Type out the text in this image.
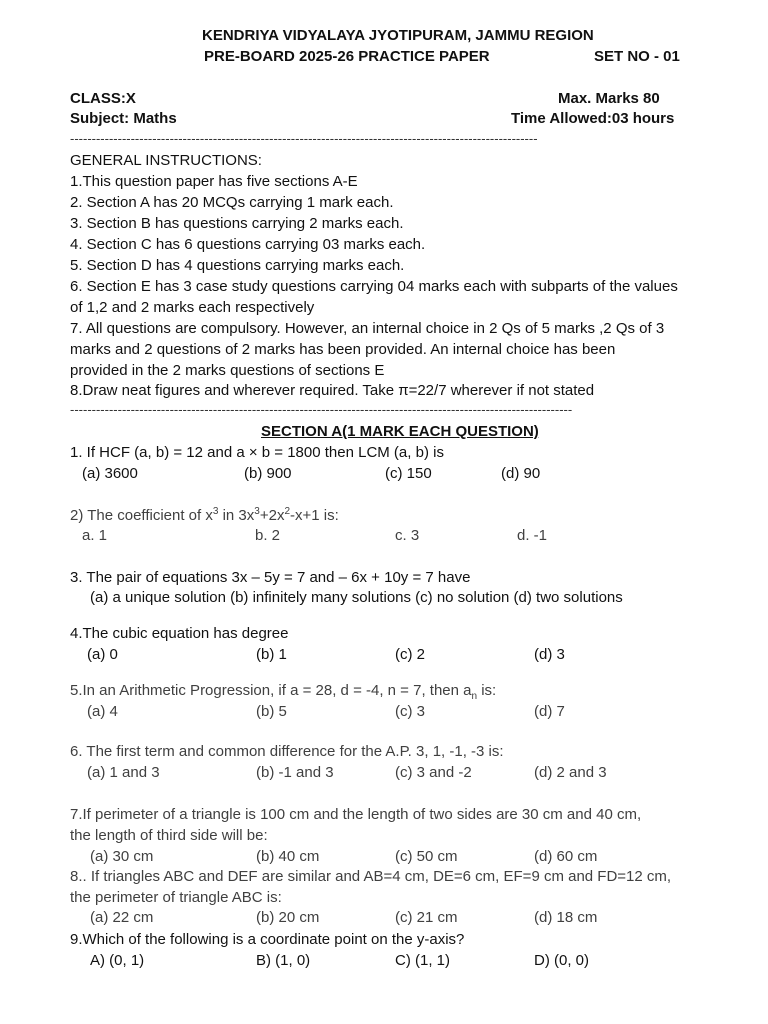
KENDRIYA VIDYALAYA JYOTIPURAM, JAMMU REGION
PRE-BOARD 2025-26 PRACTICE PAPER	SET NO - 01
CLASS:X	Max. Marks 80
Subject: Maths	Time Allowed:03 hours
------------------------------------------------------------------------------------------------------------
GENERAL INSTRUCTIONS:
1.This question paper has five sections A-E
2. Section A has 20 MCQs carrying 1 mark each.
3. Section B has questions carrying 2 marks each.
4. Section C has 6 questions carrying 03 marks each.
5. Section D has 4 questions carrying marks each.
6. Section E has 3 case study questions carrying 04 marks each with subparts of the values
of 1,2 and 2 marks each respectively
7. All questions are compulsory. However, an internal choice in 2 Qs of 5 marks ,2 Qs of 3
marks and 2 questions of 2 marks has been provided. An internal choice has been
provided in the 2 marks questions of sections E
8.Draw neat figures and wherever required. Take π=22/7 wherever if not stated
--------------------------------------------------------------------------------------------------------------------
SECTION A(1 MARK EACH QUESTION)
1. If HCF (a, b) = 12 and a × b = 1800 then LCM (a, b) is
(a) 3600	(b) 900	(c) 150	(d) 90
2) The coefficient of $x^3$ in $3x^3+2x^2-x+1$ is:
a. 1	b. 2	c. 3	d. -1
3. The pair of equations 3x – 5y = 7 and – 6x + 10y = 7 have
(a) a unique solution (b) infinitely many solutions (c) no solution (d) two solutions
4.The cubic equation has degree
(a) 0	(b) 1	(c) 2	(d) 3
5.In an Arithmetic Progression, if a = 28, d = -4, n = 7, then $a_n$ is:
(a) 4	(b) 5	(c) 3	(d) 7
6. The first term and common difference for the A.P. 3, 1, -1, -3 is:
(a) 1 and 3	(b) -1 and 3	(c) 3 and -2	(d) 2 and 3
7.If perimeter of a triangle is 100 cm and the length of two sides are 30 cm and 40 cm,
the length of third side will be:
(a) 30 cm	(b) 40 cm	(c) 50 cm	(d) 60 cm
8.. If triangles ABC and DEF are similar and AB=4 cm, DE=6 cm, EF=9 cm and FD=12 cm,
the perimeter of triangle ABC is:
(a) 22 cm	(b) 20 cm	(c) 21 cm	(d) 18 cm
9.Which of the following is a coordinate point on the y-axis?
A) (0, 1)	B) (1, 0)	C) (1, 1)	D) (0, 0)
